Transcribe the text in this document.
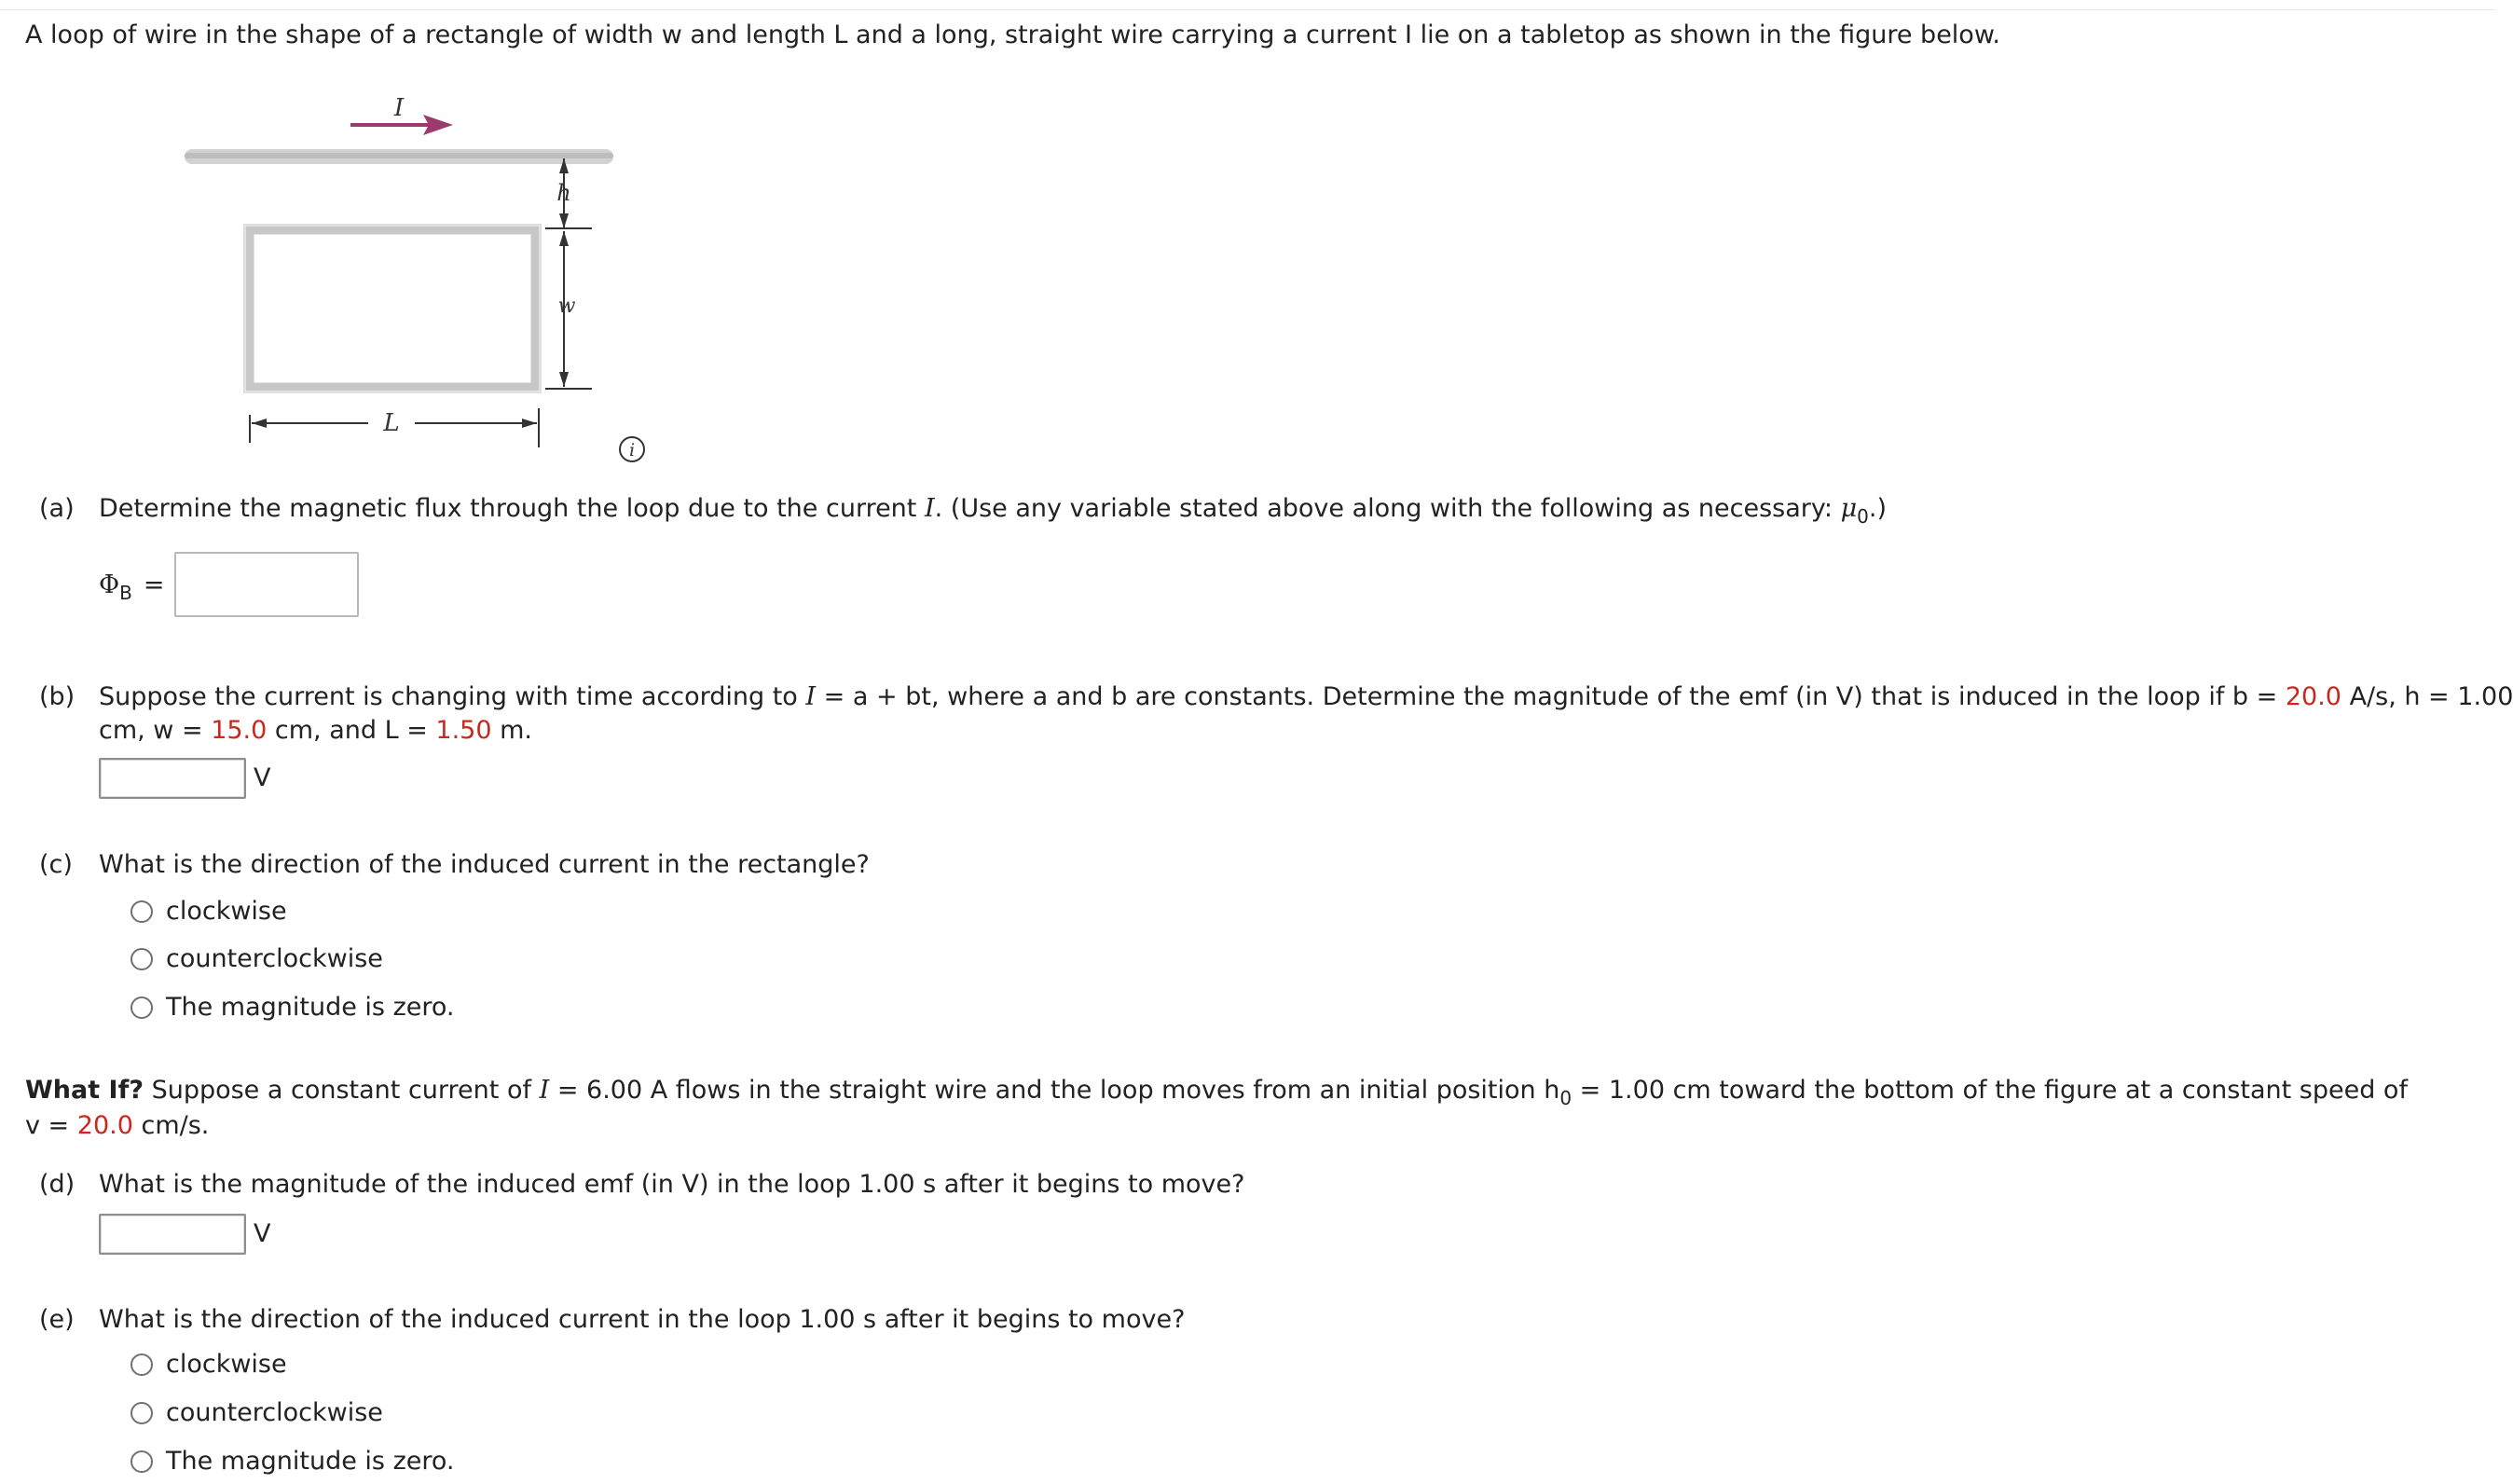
A loop of wire in the shape of a rectangle of width w and length L and a long, straight wire carrying a current I lie on a tabletop as shown in the figure below.
I
h
w
L
i
(a) Determine the magnetic flux through the loop due to the current I. (Use any variable stated above along with the following as necessary: $\mu_0$.)
$\Phi_B$ =
(b) Suppose the current is changing with time according to I = a + bt, where a and b are constants. Determine the magnitude of the emf (in V) that is induced in the loop if b = 20.0 A/s, h = 1.00
cm, w = 15.0 cm, and L = 1.50 m.
V
(c) What is the direction of the induced current in the rectangle?
clockwise
counterclockwise
The magnitude is zero.
What If? Suppose a constant current of I = 6.00 A flows in the straight wire and the loop moves from an initial position $h_0 = 1.00$ cm toward the bottom of the figure at a constant speed of
v = 20.0 cm/s.
(d) What is the magnitude of the induced emf (in V) in the loop 1.00 s after it begins to move?
V
(e) What is the direction of the induced current in the loop 1.00 s after it begins to move?
clockwise
counterclockwise
The magnitude is zero.
